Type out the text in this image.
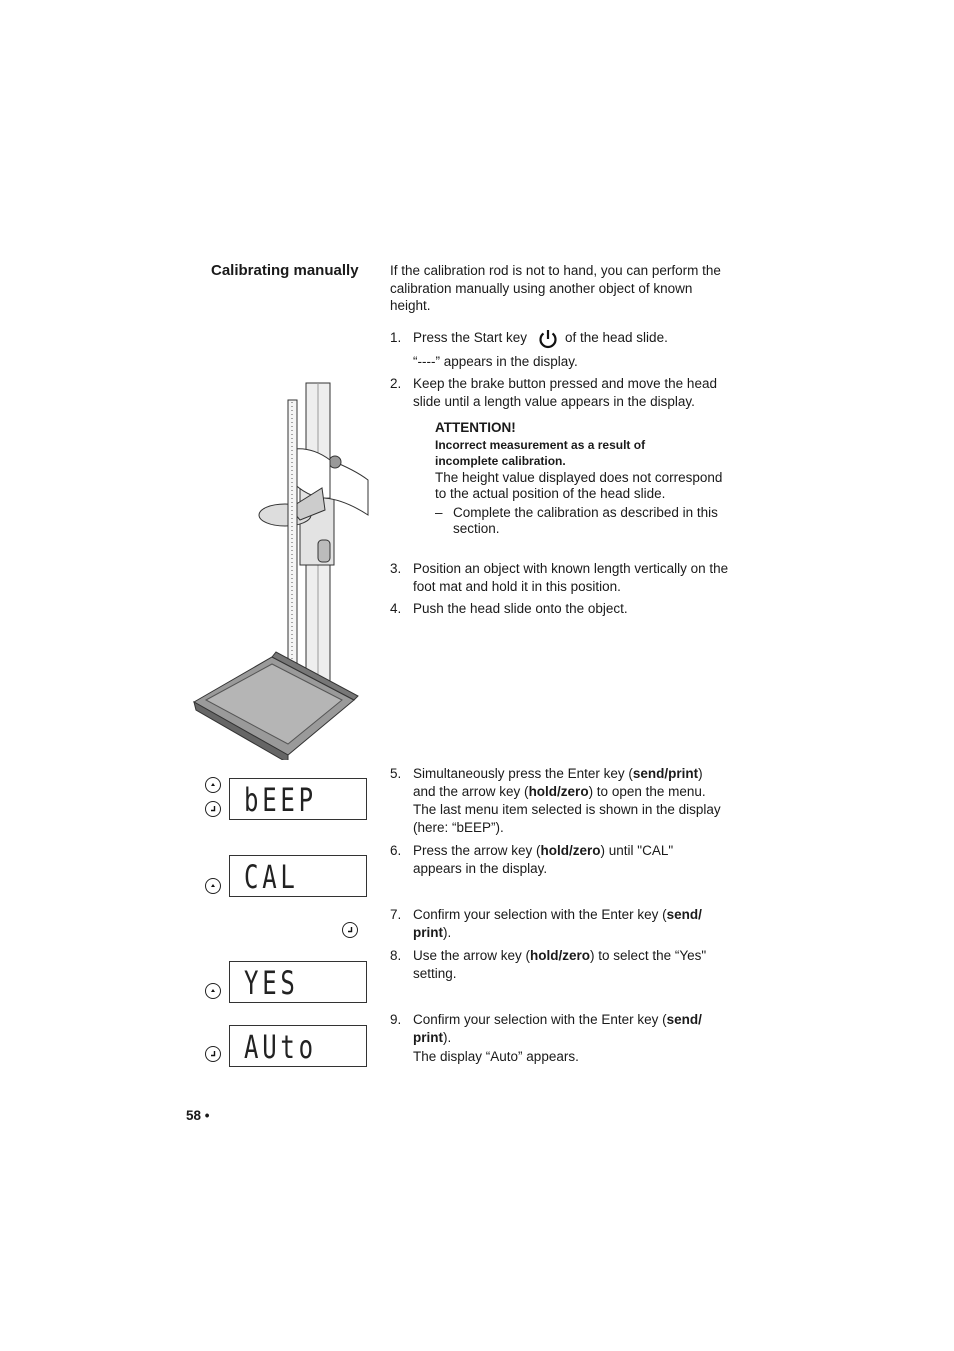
Calibrating manually If the calibration rod is not to hand, you can perform the calibration manually using another object of known height.
1. Press the Start key	of the head slide.
“----” appears in the display.
2. Keep the brake button pressed and move the head slide until a length value appears in the display.
ATTENTION!
Incorrect measurement as a result of incomplete calibration.
The height value displayed does not correspond to the actual position of the head slide.
– Complete the calibration as described in this section.
3. Position an object with known length vertically on the foot mat and hold it in this position.
4. Push the head slide onto the object.
bEEP
CAL
YES
AUto
5. Simultaneously press the Enter key (send/print)
and the arrow key (hold/zero) to open the menu.
The last menu item selected is shown in the display (here: “bEEP”).
6. Press the arrow key (hold/zero) until "CAL"
appears in the display.
7. Confirm your selection with the Enter key (send/
print).
8. Use the arrow key (hold/zero) to select the “Yes"
setting.
9. Confirm your selection with the Enter key (send/
print).
The display “Auto” appears.
58 •
